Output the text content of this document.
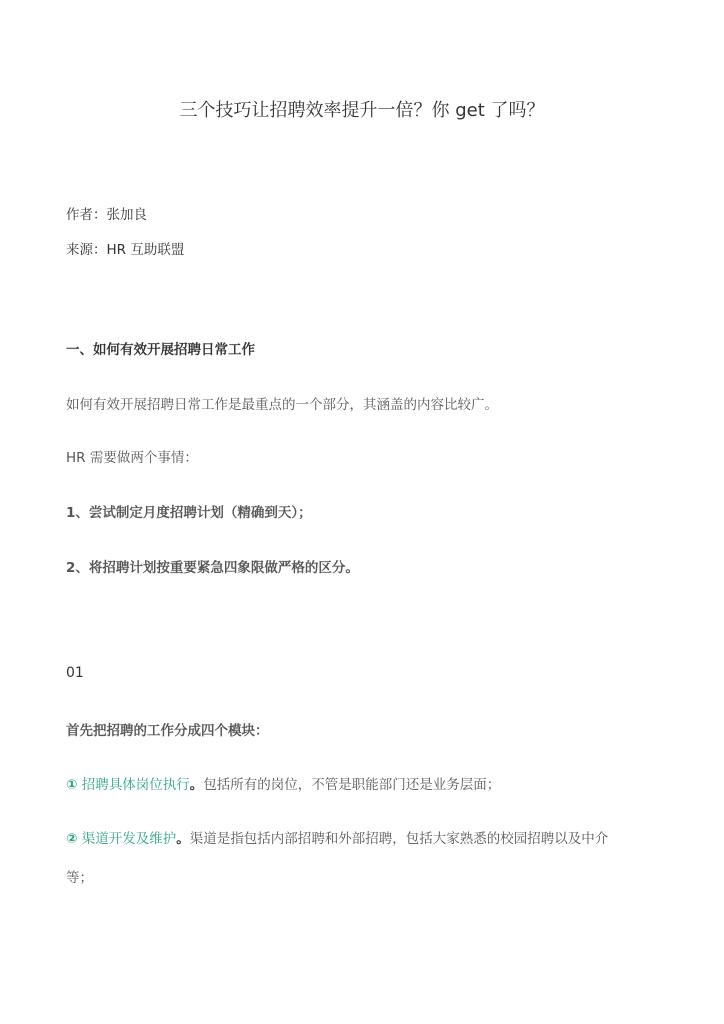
三个技巧让招聘效率提升一倍？你 get 了吗？
作者：张加良
来源：HR 互助联盟
一、如何有效开展招聘日常工作
如何有效开展招聘日常工作是最重点的一个部分，其涵盖的内容比较广。
HR 需要做两个事情：
1、尝试制定月度招聘计划（精确到天）；
2、将招聘计划按重要紧急四象限做严格的区分。
01
首先把招聘的工作分成四个模块：
① 招聘具体岗位执行。包括所有的岗位，不管是职能部门还是业务层面；
② 渠道开发及维护。渠道是指包括内部招聘和外部招聘，包括大家熟悉的校园招聘以及中介
等；
